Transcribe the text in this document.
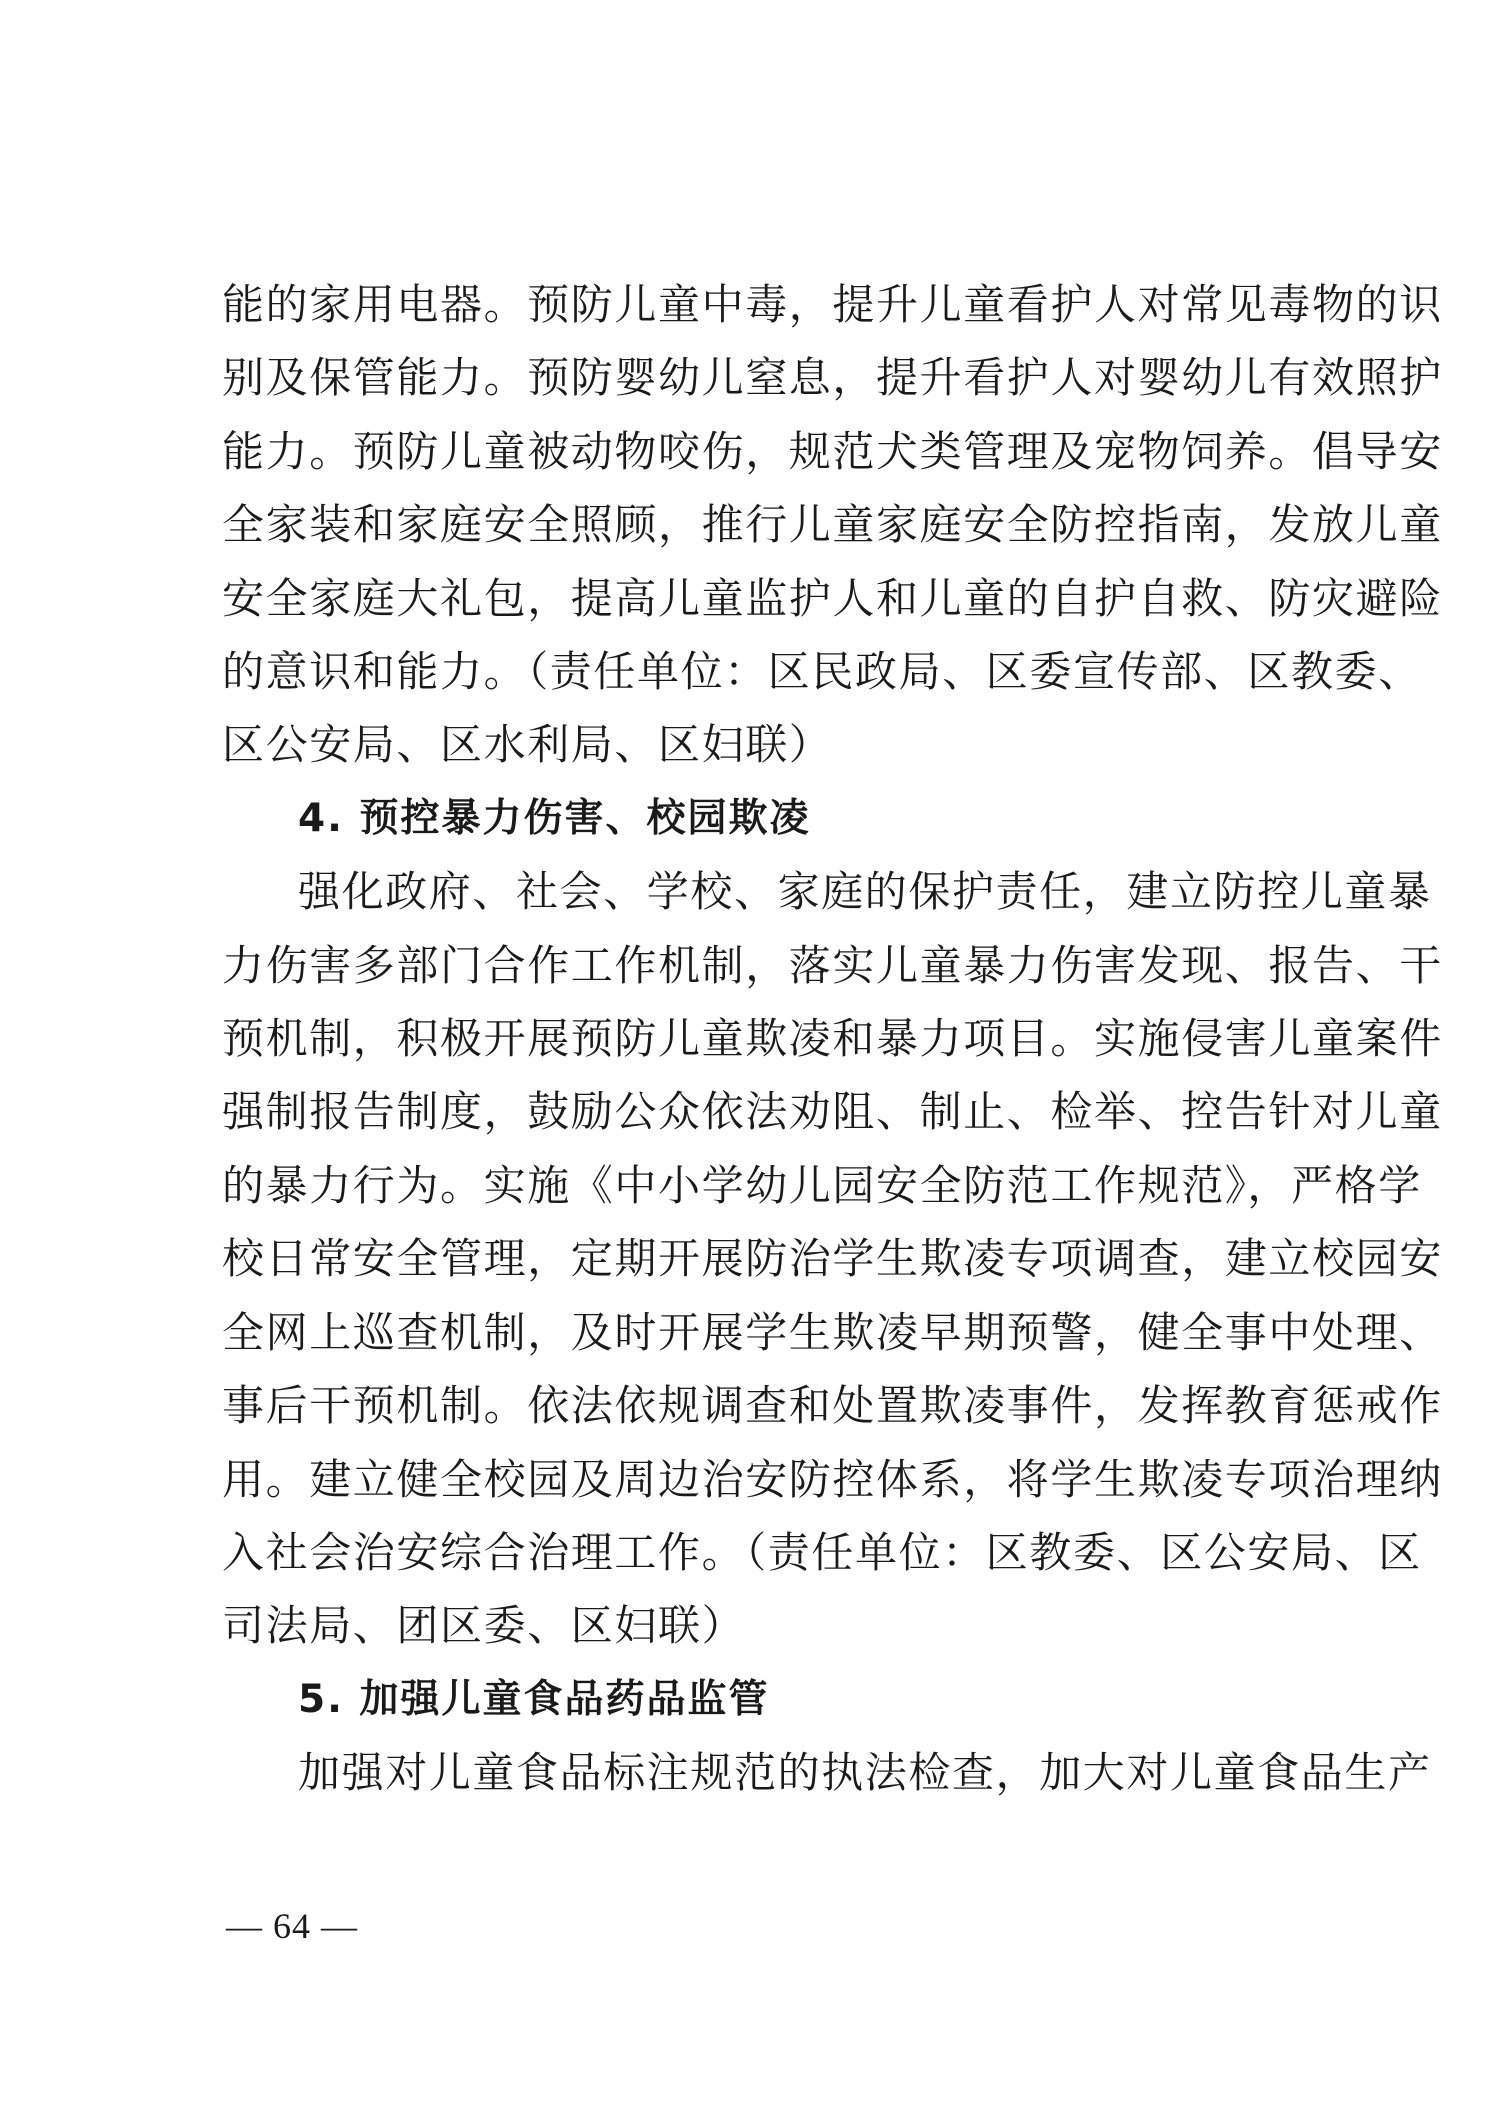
能的家用电器。预防儿童中毒，提升儿童看护人对常见毒物的识
别及保管能力。预防婴幼儿窒息，提升看护人对婴幼儿有效照护
能力。预防儿童被动物咬伤，规范犬类管理及宠物饲养。倡导安
全家装和家庭安全照顾，推行儿童家庭安全防控指南，发放儿童
安全家庭大礼包，提高儿童监护人和儿童的自护自救、防灾避险
的意识和能力。（责任单位：区民政局、区委宣传部、区教委、
区公安局、区水利局、区妇联）
4. 预控暴力伤害、校园欺凌
强化政府、社会、学校、家庭的保护责任，建立防控儿童暴
力伤害多部门合作工作机制，落实儿童暴力伤害发现、报告、干
预机制，积极开展预防儿童欺凌和暴力项目。实施侵害儿童案件
强制报告制度，鼓励公众依法劝阻、制止、检举、控告针对儿童
的暴力行为。实施《中小学幼儿园安全防范工作规范》，严格学
校日常安全管理，定期开展防治学生欺凌专项调查，建立校园安
全网上巡查机制，及时开展学生欺凌早期预警，健全事中处理、
事后干预机制。依法依规调查和处置欺凌事件，发挥教育惩戒作
用。建立健全校园及周边治安防控体系，将学生欺凌专项治理纳
入社会治安综合治理工作。（责任单位：区教委、区公安局、区
司法局、团区委、区妇联）
5. 加强儿童食品药品监管
加强对儿童食品标注规范的执法检查，加大对儿童食品生产
— 64 —
